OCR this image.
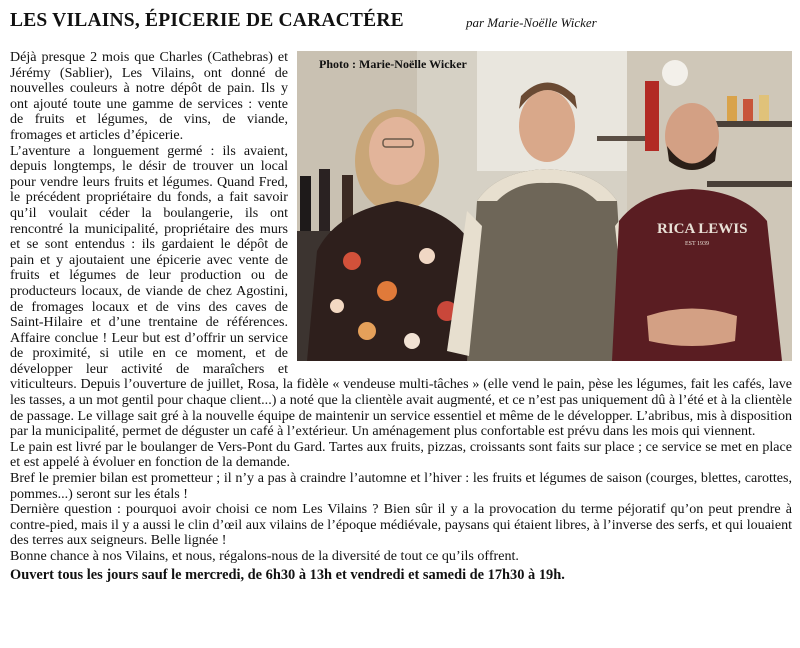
LES VILAINS, ÉPICERIE DE CARACTÉRE	par Marie-Noëlle Wicker
RICA LEWIS
EST 1939
Photo : Marie-Noëlle Wicker

Déjà presque 2 mois que Charles (Cathebras) et Jérémy (Sablier), Les Vilains, ont donné de nouvelles couleurs à notre dépôt de pain. Ils y ont ajouté toute une gamme de services : vente de fruits et légumes, de vins, de viande, fromages et articles d’épicerie.

L’aventure a longuement germé : ils avaient, depuis longtemps, le désir de trouver un local pour vendre leurs fruits et légumes. Quand Fred, le précédent propriétaire du fonds, a fait savoir qu’il voulait céder la boulangerie, ils ont rencontré la municipalité, propriétaire des murs et se sont entendus : ils gardaient le dépôt de pain et y ajoutaient une épicerie avec vente de fruits et légumes de leur production ou de producteurs locaux, de viande de chez Agostini, de fromages locaux et de vins des caves de Saint-Hilaire et d’une trentaine de références. Affaire conclue ! Leur but est d’offrir un service de proximité, si utile en ce moment, et de développer leur activité de maraîchers et viticulteurs. Depuis l’ouverture de juillet, Rosa, la fidèle « vendeuse multi-tâches » (elle vend le pain, pèse les légumes, fait les cafés, lave les tasses, a un mot gentil pour chaque client...) a noté que la clientèle avait augmenté, et ce n’est pas uniquement dû à l’été et à la clientèle de passage. Le village sait gré à la nouvelle équipe de maintenir un service essentiel et même de le développer. L’abribus, mis à disposition par la municipalité, permet de déguster un café à l’extérieur. Un aménagement plus confortable est prévu dans les mois qui viennent.

Le pain est livré par le boulanger de Vers-Pont du Gard. Tartes aux fruits, pizzas, croissants sont faits sur place ; ce service se met en place et est appelé à évoluer en fonction de la demande.

Bref le premier bilan est prometteur ; il n’y a pas à craindre l’automne et l’hiver : les fruits et légumes de saison (courges, blettes, carottes, pommes...) seront sur les étals !

Dernière question : pourquoi avoir choisi ce nom Les Vilains ? Bien sûr il y a la provocation du terme péjoratif qu’on peut prendre à contre-pied, mais il y a aussi le clin d’œil aux vilains de l’époque médiévale, paysans qui étaient libres, à l’inverse des serfs, et qui louaient des terres aux seigneurs. Belle lignée !

Bonne chance à nos Vilains, et nous, régalons-nous de la diversité de tout ce qu’ils offrent.

Ouvert tous les jours sauf le mercredi, de 6h30 à 13h et vendredi et samedi de 17h30 à 19h.
